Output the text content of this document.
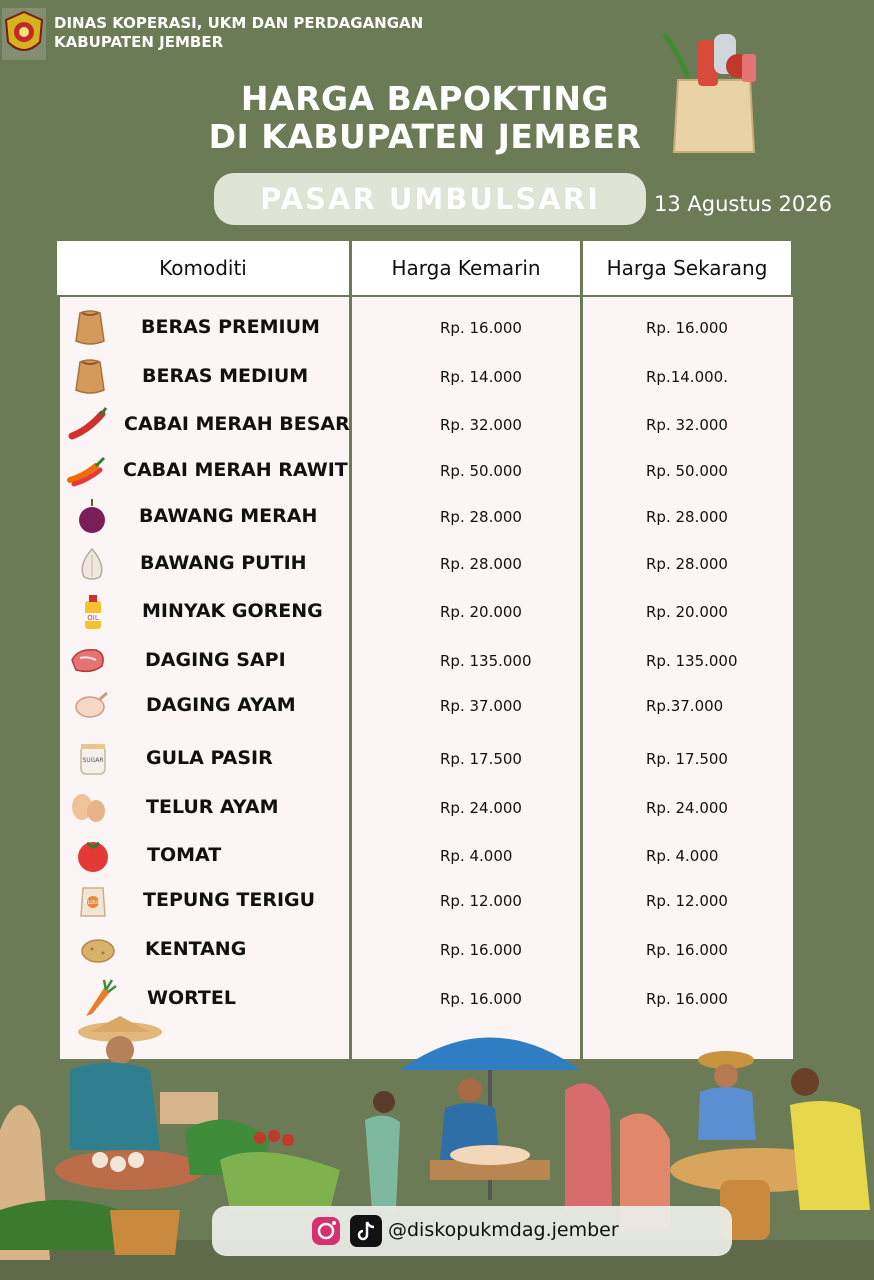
DINAS KOPERASI, UKM DAN PERDAGANGAN
KABUPATEN JEMBER
HARGA BAPOKTING
DI KABUPATEN JEMBER
PASAR UMBULSARI	13 Agustus 2026
Komoditi	Harga Kemarin	Harga Sekarang
BERAS PREMIUM	Rp. 16.000	Rp. 16.000
BERAS MEDIUM	Rp. 14.000	Rp.14.000.
CABAI MERAH BESAR	Rp. 32.000	Rp. 32.000
CABAI MERAH RAWIT	Rp. 50.000	Rp. 50.000
BAWANG MERAH	Rp. 28.000	Rp. 28.000
BAWANG PUTIH	Rp. 28.000	Rp. 28.000
OIL MINYAK GORENG	Rp. 20.000	Rp. 20.000
DAGING SAPI	Rp. 135.000	Rp. 135.000
DAGING AYAM	Rp. 37.000	Rp.37.000
SUGAR GULA PASIR	Rp. 17.500	Rp. 17.500
TELUR AYAM	Rp. 24.000	Rp. 24.000
TOMAT	Rp. 4.000	Rp. 4.000
FLOUR TEPUNG TERIGU	Rp. 12.000	Rp. 12.000
KENTANG	Rp. 16.000	Rp. 16.000
WORTEL	Rp. 16.000	Rp. 16.000
@diskopukmdag.jember
